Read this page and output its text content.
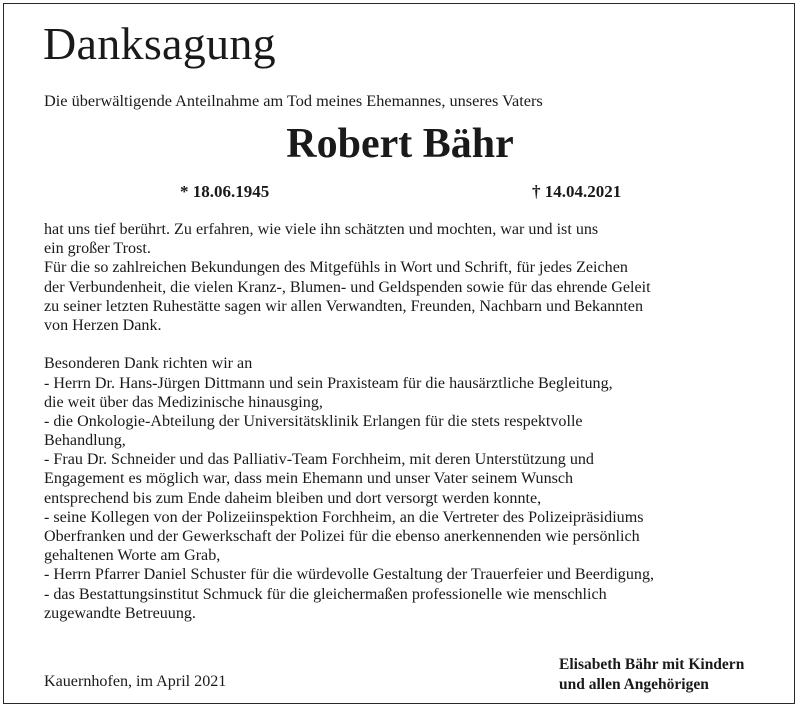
Danksagung
Die überwältigende Anteilnahme am Tod meines Ehemannes, unseres Vaters
Robert Bähr
* 18.06.1945	† 14.04.2021
hat uns tief berührt. Zu erfahren, wie viele ihn schätzten und mochten, war und ist uns
ein großer Trost.
Für die so zahlreichen Bekundungen des Mitgefühls in Wort und Schrift, für jedes Zeichen
der Verbundenheit, die vielen Kranz-, Blumen- und Geldspenden sowie für das ehrende Geleit
zu seiner letzten Ruhestätte sagen wir allen Verwandten, Freunden, Nachbarn und Bekannten
von Herzen Dank.
Besonderen Dank richten wir an
- Herrn Dr. Hans-Jürgen Dittmann und sein Praxisteam für die hausärztliche Begleitung,
die weit über das Medizinische hinausging,
- die Onkologie-Abteilung der Universitätsklinik Erlangen für die stets respektvolle
Behandlung,
- Frau Dr. Schneider und das Palliativ-Team Forchheim, mit deren Unterstützung und
Engagement es möglich war, dass mein Ehemann und unser Vater seinem Wunsch
entsprechend bis zum Ende daheim bleiben und dort versorgt werden konnte,
- seine Kollegen von der Polizeiinspektion Forchheim, an die Vertreter des Polizeipräsidiums
Oberfranken und der Gewerkschaft der Polizei für die ebenso anerkennenden wie persönlich
gehaltenen Worte am Grab,
- Herrn Pfarrer Daniel Schuster für die würdevolle Gestaltung der Trauerfeier und Beerdigung,
- das Bestattungsinstitut Schmuck für die gleichermaßen professionelle wie menschlich
zugewandte Betreuung.
Kauernhofen, im April 2021
Elisabeth Bähr mit Kindern
und allen Angehörigen
